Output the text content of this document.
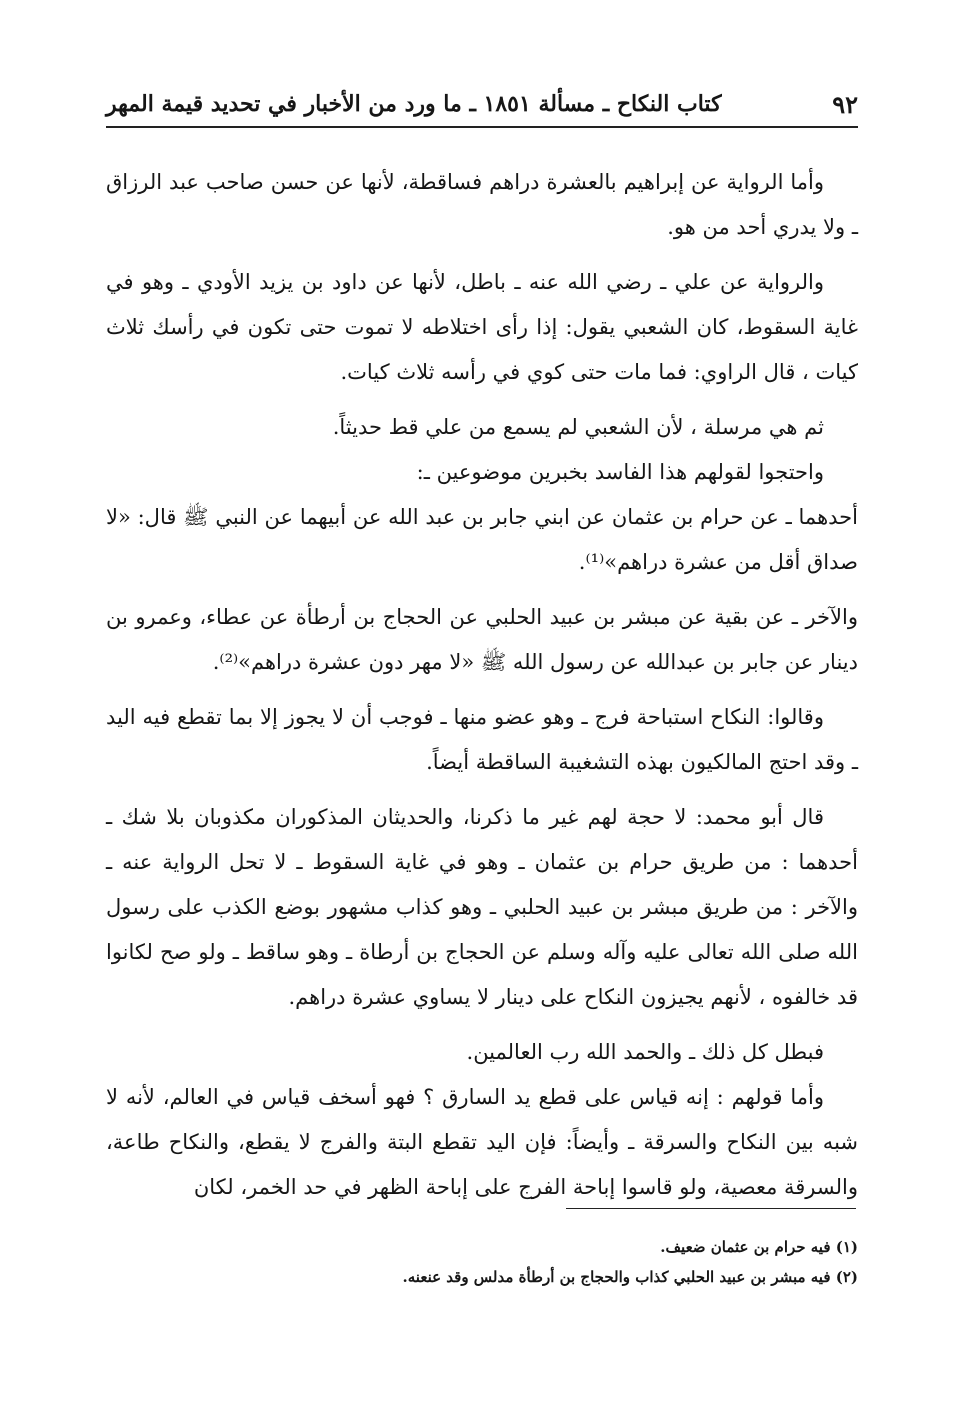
٩٢
كتاب النكاح ـ مسألة ١٨٥١ ـ ما ورد من الأخبار في تحديد قيمة المهر

وأما الرواية عن إبراهيم بالعشرة دراهم فساقطة، لأنها عن حسن صاحب عبد الرزاق ـ ولا يدري أحد من هو.

والرواية عن علي ـ رضي الله عنه ـ باطل، لأنها عن داود بن يزيد الأودي ـ وهو في غاية السقوط، كان الشعبي يقول: إذا رأى اختلاطه لا تموت حتى تكون في رأسك ثلاث كيات ، قال الراوي: فما مات حتى كوي في رأسه ثلاث كيات.

ثم هي مرسلة ، لأن الشعبي لم يسمع من علي قط حديثاً.

واحتجوا لقولهم هذا الفاسد بخبرين موضوعين ـ:

أحدهما ـ عن حرام بن عثمان عن ابني جابر بن عبد الله عن أبيهما عن النبي ﷺ قال: «لا صداق أقل من عشرة دراهم»⁽¹⁾.

والآخر ـ عن بقية عن مبشر بن عبيد الحلبي عن الحجاج بن أرطأة عن عطاء، وعمرو بن دينار عن جابر بن عبدالله عن رسول الله ﷺ «لا مهر دون عشرة دراهم»⁽²⁾.

وقالوا: النكاح استباحة فرج ـ وهو عضو منها ـ فوجب أن لا يجوز إلا بما تقطع فيه اليد ـ وقد احتج المالكيون بهذه التشغيبة الساقطة أيضاً.

قال أبو محمد: لا حجة لهم غير ما ذكرنا، والحديثان المذكوران مكذوبان بلا شك ـ أحدهما : من طريق حرام بن عثمان ـ وهو في غاية السقوط ـ لا تحل الرواية عنه ـ والآخر : من طريق مبشر بن عبيد الحلبي ـ وهو كذاب مشهور بوضع الكذب على رسول الله صلى الله تعالى عليه وآله وسلم عن الحجاج بن أرطاة ـ وهو ساقط ـ ولو صح لكانوا قد خالفوه ، لأنهم يجيزون النكاح على دينار لا يساوي عشرة دراهم.

فبطل كل ذلك ـ والحمد الله رب العالمين.

وأما قولهم : إنه قياس على قطع يد السارق ؟ فهو أسخف قياس في العالم، لأنه لا شبه بين النكاح والسرقة ـ وأيضاً: فإن اليد تقطع البتة والفرج لا يقطع، والنكاح طاعة، والسرقة معصية، ولو قاسوا إباحة الفرج على إباحة الظهر في حد الخمر، لكان

(١) فيه حرام بن عثمان ضعيف.
(٢) فيه مبشر بن عبيد الحلبي كذاب والحجاج بن أرطأة مدلس وقد عنعنه.
